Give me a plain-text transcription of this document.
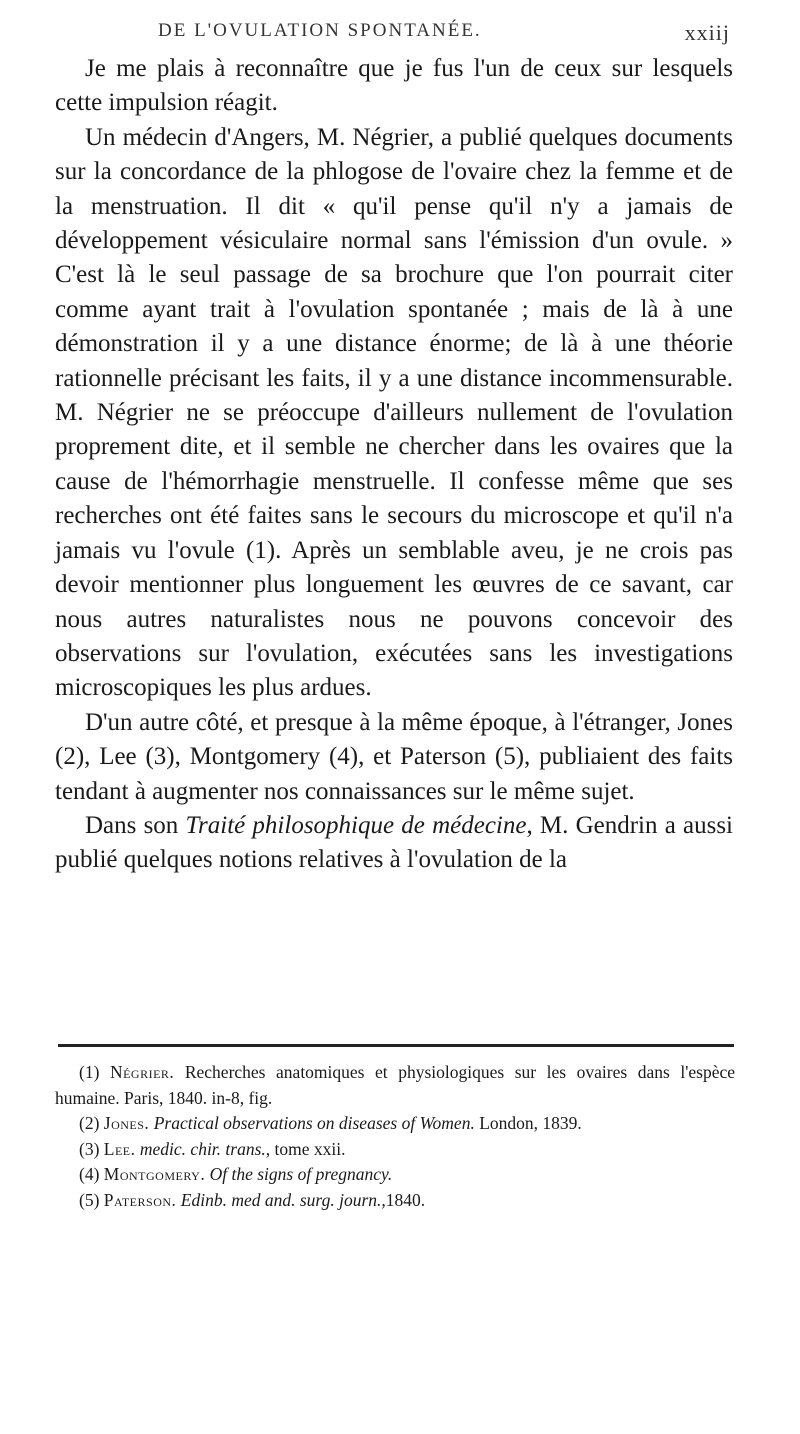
DE L'OVULATION SPONTANÉE.	xxiij

Je me plais à reconnaître que je fus l'un de ceux sur lesquels cette impulsion réagit.

Un médecin d'Angers, M. Négrier, a publié quelques documents sur la concordance de la phlogose de l'ovaire chez la femme et de la menstruation. Il dit « qu'il pense qu'il n'y a jamais de développement vésiculaire normal sans l'émission d'un ovule. » C'est là le seul passage de sa brochure que l'on pourrait citer comme ayant trait à l'ovulation spontanée ; mais de là à une démonstration il y a une distance énorme; de là à une théorie rationnelle précisant les faits, il y a une distance incommensurable. M. Négrier ne se préoccupe d'ailleurs nullement de l'ovulation proprement dite, et il semble ne chercher dans les ovaires que la cause de l'hémorrhagie menstruelle. Il confesse même que ses recherches ont été faites sans le secours du microscope et qu'il n'a jamais vu l'ovule (1). Après un semblable aveu, je ne crois pas devoir mentionner plus longuement les œuvres de ce savant, car nous autres naturalistes nous ne pouvons concevoir des observations sur l'ovulation, exécutées sans les investigations microscopiques les plus ardues.

D'un autre côté, et presque à la même époque, à l'étranger, Jones (2), Lee (3), Montgomery (4), et Paterson (5), publiaient des faits tendant à augmenter nos connaissances sur le même sujet.

Dans son Traité philosophique de médecine, M. Gendrin a aussi publié quelques notions relatives à l'ovulation de la

(1) Négrier. Recherches anatomiques et physiologiques sur les ovaires dans l'espèce humaine. Paris, 1840. in-8, fig.

(2) Jones. Practical observations on diseases of Women. London, 1839.

(3) Lee. medic. chir. trans., tome xxii.

(4) Montgomery. Of the signs of pregnancy.

(5) Paterson. Edinb. med and. surg. journ.,1840.
